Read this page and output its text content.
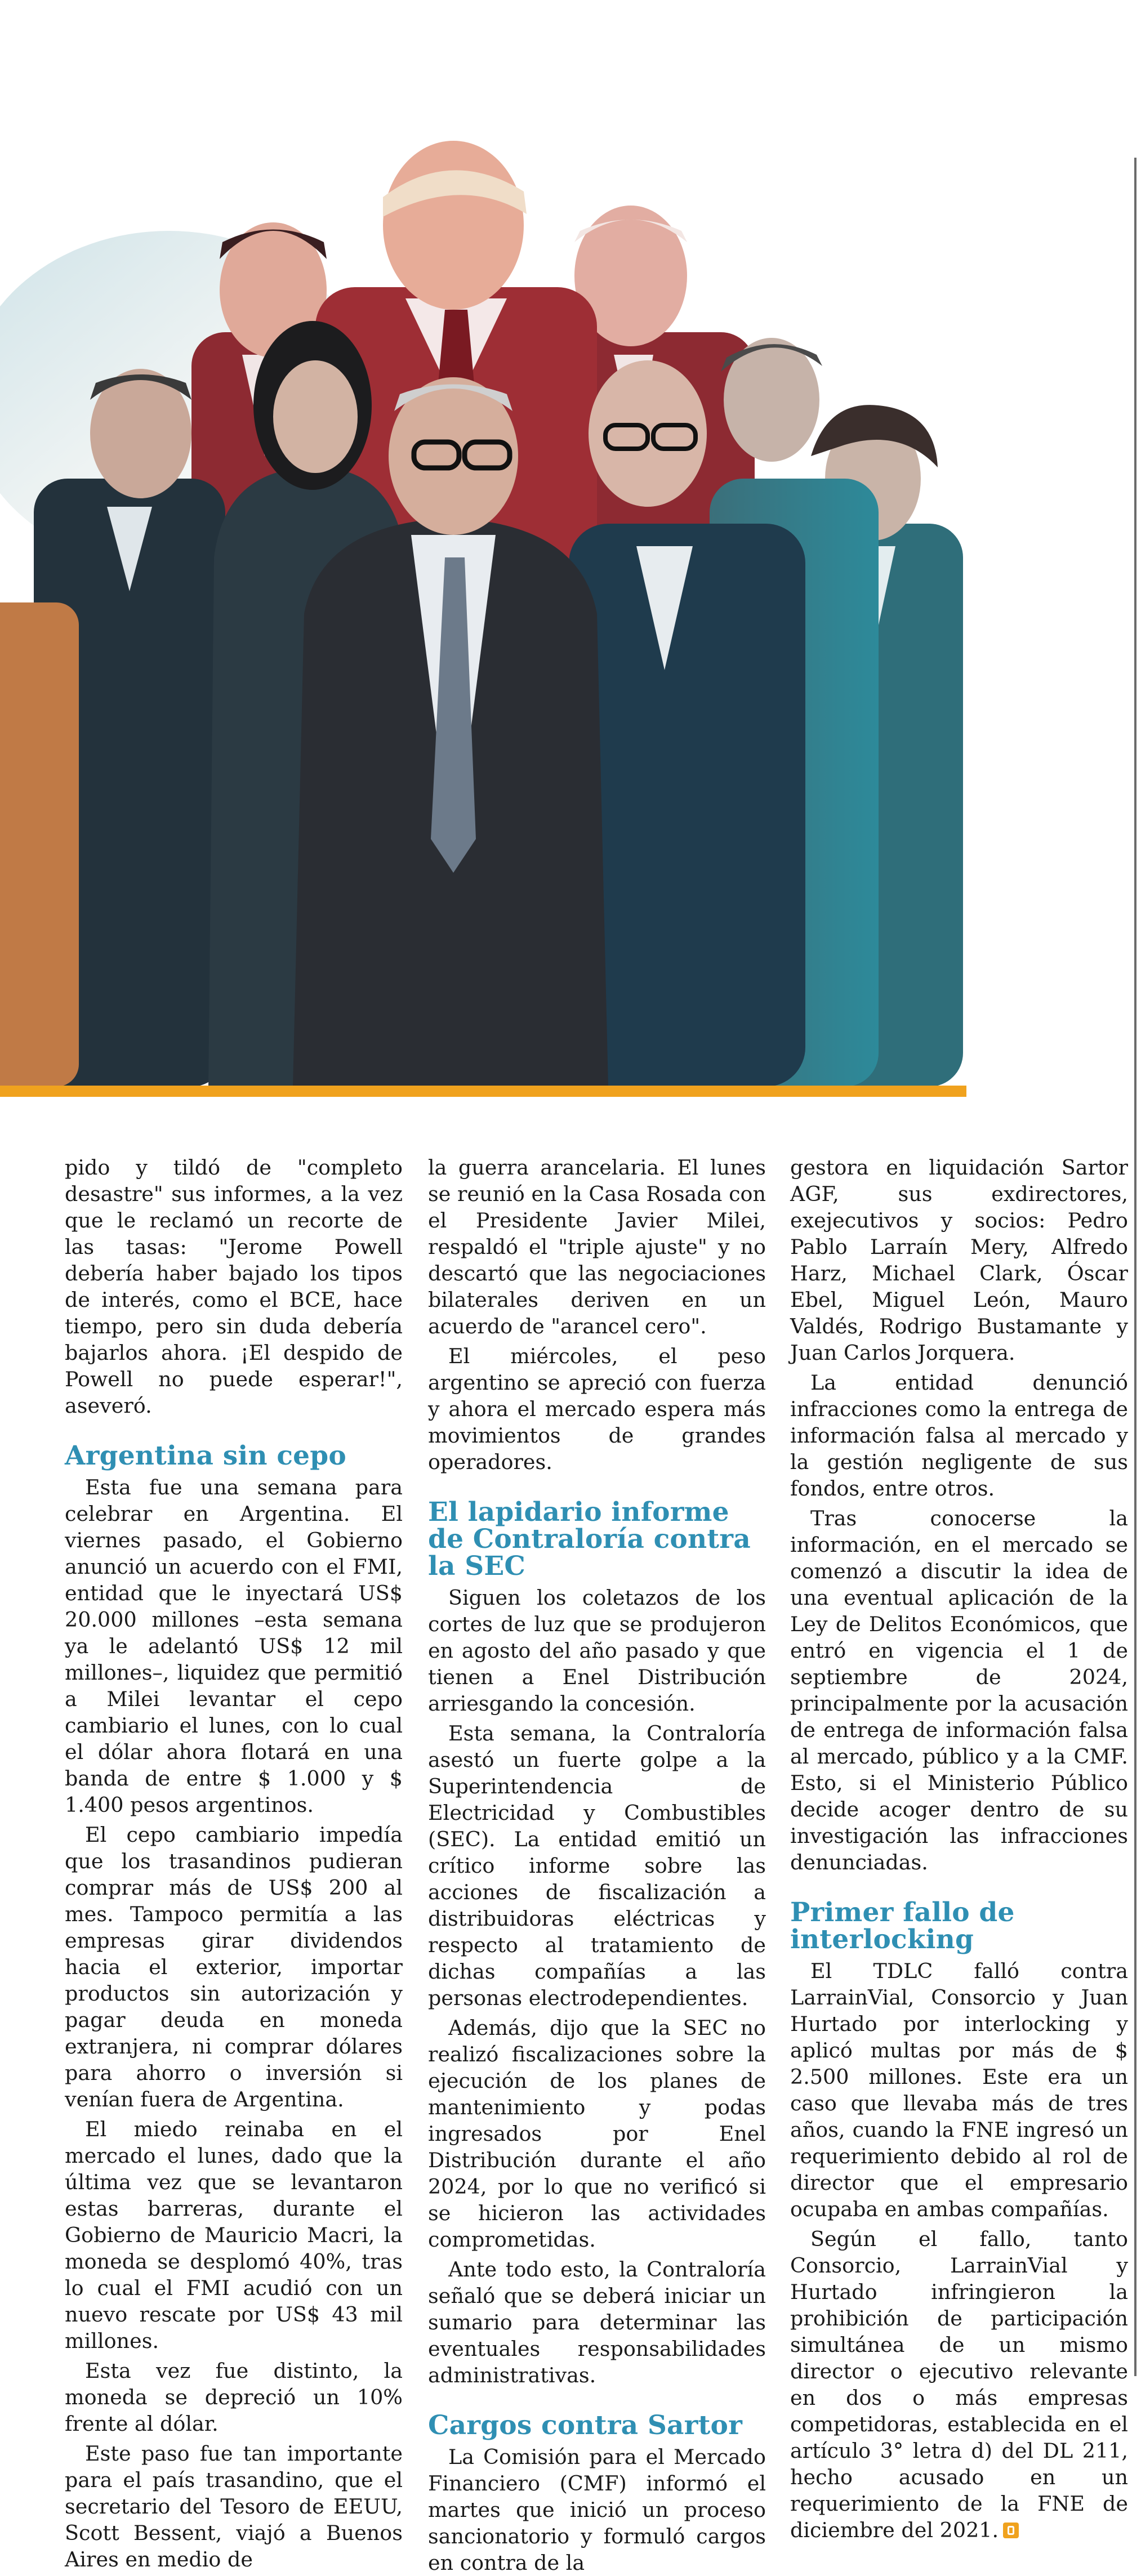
pido y tildó de "completo desastre" sus informes, a la vez que le reclamó un recorte de las tasas: "Jerome Powell debería haber bajado los tipos de interés, como el BCE, hace tiempo, pero sin duda debería bajarlos ahora. ¡El despido de Powell no puede esperar!", aseveró.

Argentina sin cepo

Esta fue una semana para celebrar en Argentina. El viernes pasado, el Gobierno anunció un acuerdo con el FMI, entidad que le inyectará US$ 20.000 millones –esta semana ya le adelantó US$ 12 mil millones–, liquidez que permitió a Milei levantar el cepo cambiario el lunes, con lo cual el dólar ahora flotará en una banda de entre $ 1.000 y $ 1.400 pesos argentinos.

El cepo cambiario impedía que los trasandinos pudieran comprar más de US$ 200 al mes. Tampoco permitía a las empresas girar dividendos hacia el exterior, importar productos sin autorización y pagar deuda en moneda extranjera, ni comprar dólares para ahorro o inversión si venían fuera de Argentina.

El miedo reinaba en el mercado el lunes, dado que la última vez que se levantaron estas barreras, durante el Gobierno de Mauricio Macri, la moneda se desplomó 40%, tras lo cual el FMI acudió con un nuevo rescate por US$ 43 mil millones.

Esta vez fue distinto, la moneda se depreció un 10% frente al dólar.

Este paso fue tan importante para el país trasandino, que el secretario del Tesoro de EEUU, Scott Bessent, viajó a Buenos Aires en medio de

la guerra arancelaria. El lunes se reunió en la Casa Rosada con el Presidente Javier Milei, respaldó el "triple ajuste" y no descartó que las negociaciones bilaterales deriven en un acuerdo de "arancel cero".

El miércoles, el peso argentino se apreció con fuerza y ahora el mercado espera más movimientos de grandes operadores.

El lapidario informe de Contraloría contra la SEC

Siguen los coletazos de los cortes de luz que se produjeron en agosto del año pasado y que tienen a Enel Distribución arriesgando la concesión.

Esta semana, la Contraloría asestó un fuerte golpe a la Superintendencia de Electricidad y Combustibles (SEC). La entidad emitió un crítico informe sobre las acciones de fiscalización a distribuidoras eléctricas y respecto al tratamiento de dichas compañías a las personas electrodependientes.

Además, dijo que la SEC no realizó fiscalizaciones sobre la ejecución de los planes de mantenimiento y podas ingresados por Enel Distribución durante el año 2024, por lo que no verificó si se hicieron las actividades comprometidas.

Ante todo esto, la Contraloría señaló que se deberá iniciar un sumario para determinar las eventuales responsabilidades administrativas.

Cargos contra Sartor

La Comisión para el Mercado Financiero (CMF) informó el martes que inició un proceso sancionatorio y formuló cargos en contra de la

gestora en liquidación Sartor AGF, sus exdirectores, exejecutivos y socios: Pedro Pablo Larraín Mery, Alfredo Harz, Michael Clark, Óscar Ebel, Miguel León, Mauro Valdés, Rodrigo Bustamante y Juan Carlos Jorquera.

La entidad denunció infracciones como la entrega de información falsa al mercado y la gestión negligente de sus fondos, entre otros.

Tras conocerse la información, en el mercado se comenzó a discutir la idea de una eventual aplicación de la Ley de Delitos Económicos, que entró en vigencia el 1 de septiembre de 2024, principalmente por la acusación de entrega de información falsa al mercado, público y a la CMF. Esto, si el Ministerio Público decide acoger dentro de su investigación las infracciones denunciadas.

Primer fallo de interlocking

El TDLC falló contra LarrainVial, Consorcio y Juan Hurtado por interlocking y aplicó multas por más de $ 2.500 millones. Este era un caso que llevaba más de tres años, cuando la FNE ingresó un requerimiento debido al rol de director que el empresario ocupaba en ambas compañías.

Según el fallo, tanto Consorcio, LarrainVial y Hurtado infringieron la prohibición de participación simultánea de un mismo director o ejecutivo relevante en dos o más empresas competidoras, establecida en el artículo 3° letra d) del DL 211, hecho acusado en un requerimiento de la FNE de diciembre del 2021.
